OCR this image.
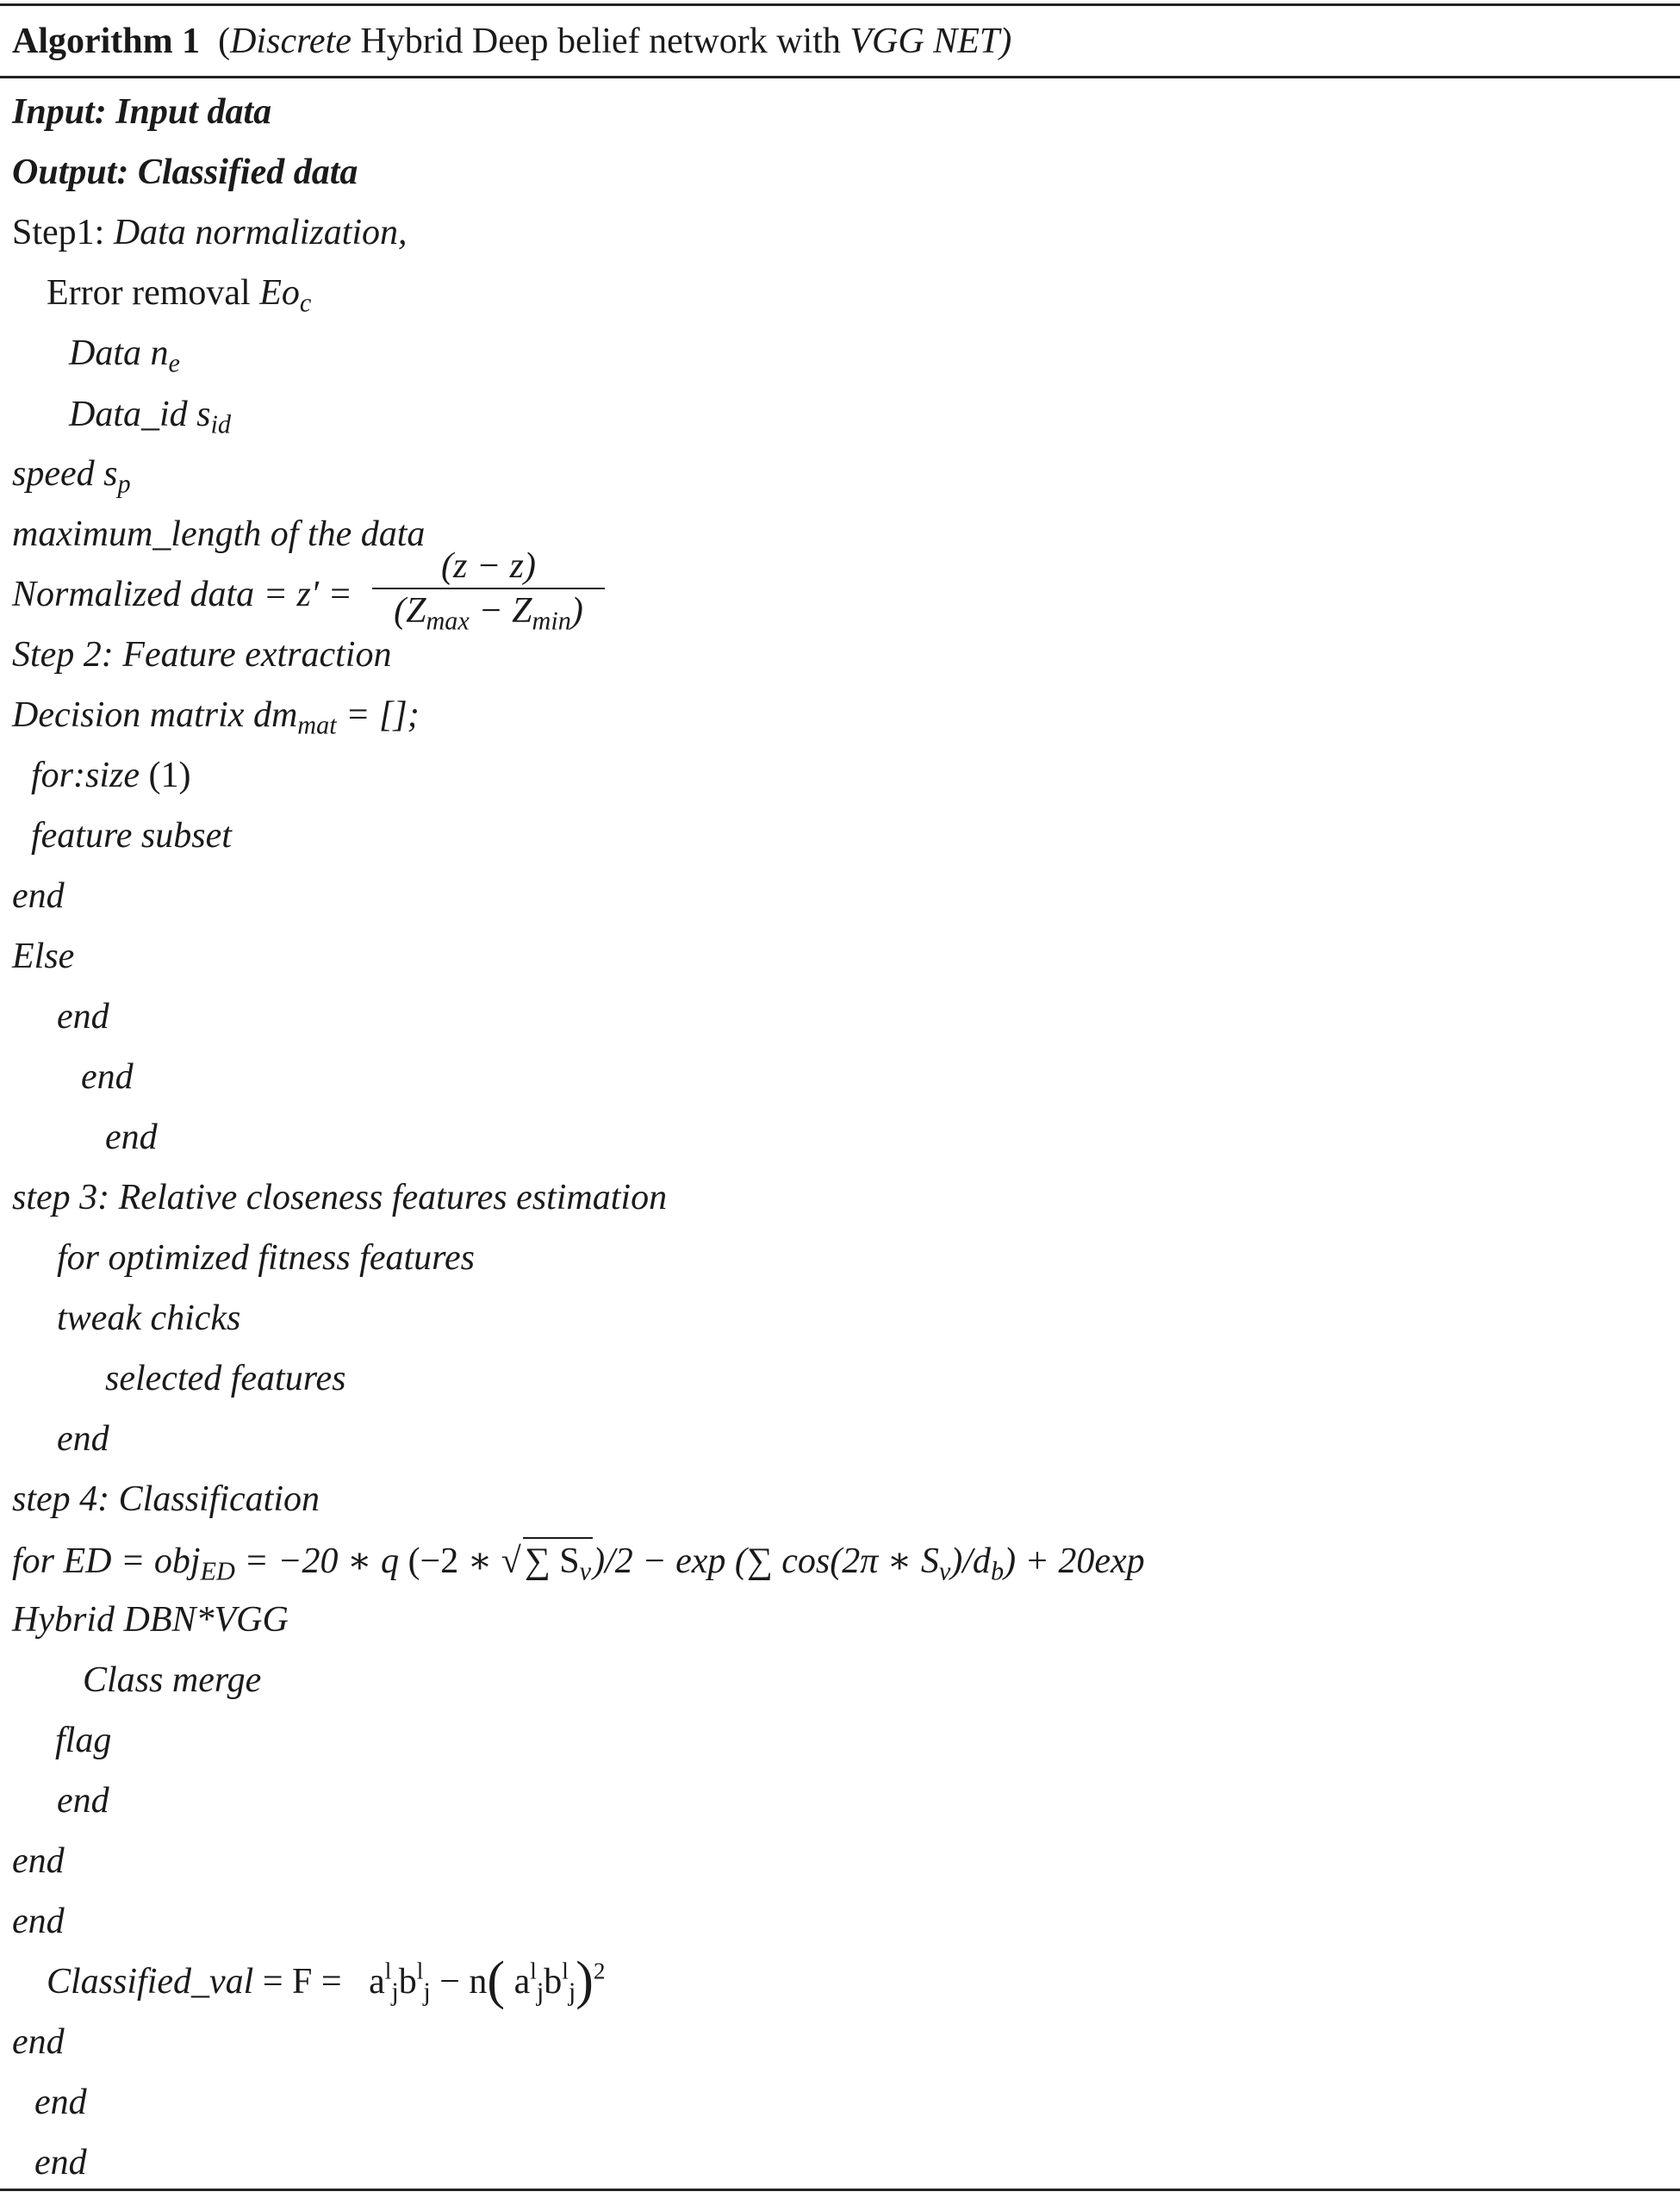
Algorithm 1 (Discrete Hybrid Deep belief network with VGG NET)
Input: Input data
Output: Classified data
Step1: Data normalization,
Error removal $Eo_c$
Data $n_e$
Data_id $s_{id}$
speed $s_p$
maximum_length of the data
Normalized data = z′ =
(z − z)
$(Z_{max} - Z_{min})$
Step 2: Feature extraction
Decision matrix $dm_{mat}$ = [];
for:size (1)
feature subset
end
Else
end
end
end
step 3: Relative closeness features estimation
for optimized fitness features
tweak chicks
selected features
end
step 4: Classification
for ED = obj$_{ED}$ = −20 ∗ q (−2 ∗ √∑ $S_v)/2 - \exp$ (∑ cos(2π ∗ $S_v)/d_b) + 20\exp$
Hybrid DBN*VGG
Class merge
flag
end
end
end
Classified_val = $F = a^l_jb^l_j - n$( $a^l_jb^l_j)^2$
end
end
end
